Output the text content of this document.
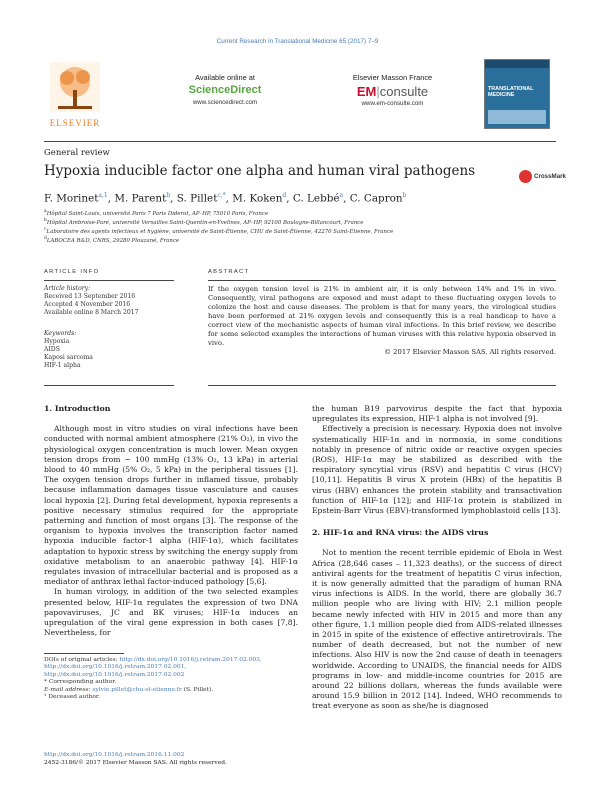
Current Research in Translational Medicine 65 (2017) 7–9
ELSEVIER
Available online at
ScienceDirect
www.sciencedirect.com
Elsevier Masson France
EM|consulte
www.em-consulte.com
TRANSLATIONAL MEDICINE
General review
Hypoxia inducible factor one alpha and human viral pathogens	CrossMark
F. Morinet$^{a,1}$, M. Parent$^b$, S. Pillet$^{c,*}$, M. Koken$^d$, C. Lebbé$^a$, C. Capron$^b$
$^a$Hôpital Saint-Louis, université Paris 7 Paris Diderot, AP–HP, 75010 Paris, France
$^b$Hôpital Ambroise-Paré, université Versailles Saint-Quentin-en-Yvelines, AP–HP, 92100 Boulogne-Billancourt, France
$^c$Laboratoire des agents infectieux et hygiène, université de Saint-Étienne, CHU de Saint-Étienne, 42270 Saint-Étienne, France
$^d$LABOCEA R&D, CNRS, 29280 Plouzané, France
ARTICLE INFO	ABSTRACT
Article history:
Received 13 September 2016
Accepted 4 November 2016
Available online 8 March 2017
Keywords:
Hypoxia
AIDS
Kaposi sarcoma
HIF-1 alpha
If the oxygen tension level is 21% in ambient air, it is only between 14% and 1% in vivo. Consequently, viral pathogens are exposed and must adapt to these fluctuating oxygen levels to colonize the host and cause diseases. The problem is that for many years, the virological studies have been performed at 21% oxygen levels and consequently this is a real handicap to have a correct view of the mechanistic aspects of human viral infections. In this brief review, we describe for some selected examples the interactions of human viruses with this relative hypoxia observed in vivo.
© 2017 Elsevier Masson SAS. All rights reserved.
1. Introduction

Although most in vitro studies on viral infections have been conducted with normal ambient atmosphere (21% O₂), in vivo the physiological oxygen concentration is much lower. Mean oxygen tension drops from ~ 100 mmHg (13% O₂, 13 kPa) in arterial blood to 40 mmHg (5% O₂, 5 kPa) in the peripheral tissues [1]. The oxygen tension drops further in inflamed tissue, probably because inflammation damages tissue vasculature and causes local hypoxia [2]. During fetal development, hypoxia represents a positive necessary stimulus required for the appropriate patterning and function of most organs [3]. The response of the organism to hypoxia involves the transcription factor named hypoxia inducible factor-1 alpha (HIF-1α), which facilitates adaptation to hypoxic stress by switching the energy supply from oxidative metabolism to an anaerobic pathway [4]. HIF-1α regulates invasion of intracellular bacterial and is proposed as a mediator of anthrax lethal factor-induced pathology [5,6].

In human virology, in addition of the two selected examples presented below, HIF-1α regulates the expression of two DNA papovaviruses, JC and BK viruses; HIF-1α induces an upregulation of the viral gene expression in both cases [7,8]. Nevertheless, for

DOIs of original articles: http://dx.doi.org/10.1016/j.retram.2017.02.003, http://dx.doi.org/10.1016/j.retram.2017.02.001, http://dx.doi.org/10.1016/j.retram.2017.02.002
* Corresponding author.
E-mail address: sylvie.pillet@chu-st-etienne.fr (S. Pillet).
¹ Deceased author.
http://dx.doi.org/10.1016/j.retram.2016.11.002
2452-3186/© 2017 Elsevier Masson SAS. All rights reserved.

the human B19 parvovirus despite the fact that hypoxia upregulates its expression, HIF-1 alpha is not involved [9].

Effectively a precision is necessary. Hypoxia does not involve systematically HIF-1α and in normoxia, in some conditions notably in presence of nitric oxide or reactive oxygen species (ROS), HIF-1α may be stabilized as described with the respiratory syncytial virus (RSV) and hepatitis C virus (HCV) [10,11]. Hepatitis B virus X protein (HBx) of the hepatitis B virus (HBV) enhances the protein stability and transactivation function of HIF-1α [12]; and HIF-1α protein is stabilized in Epstein-Barr Virus (EBV)-transformed lymphoblastoid cells [13].

2. HIF-1α and RNA virus: the AIDS virus

Not to mention the recent terrible epidemic of Ebola in West Africa (28,646 cases – 11,323 deaths), or the success of direct antiviral agents for the treatment of hepatitis C virus infection, it is now generally admitted that the paradigm of human RNA virus infections is AIDS. In the world, there are globally 36.7 million people who are living with HIV; 2.1 million people became newly infected with HIV in 2015 and more than any other figure, 1.1 million people died from AIDS-related illnesses in 2015 in spite of the existence of effective antiretrovirals. The number of death decreased, but not the number of new infections. Also HIV is now the 2nd cause of death in teenagers worldwide. According to UNAIDS, the financial needs for AIDS programs in low- and middle-income countries for 2015 are around 22 billions dollars, whereas the funds available were around 15.9 billion in 2012 [14]. Indeed, WHO recommends to treat everyone as soon as she/he is diagnosed
